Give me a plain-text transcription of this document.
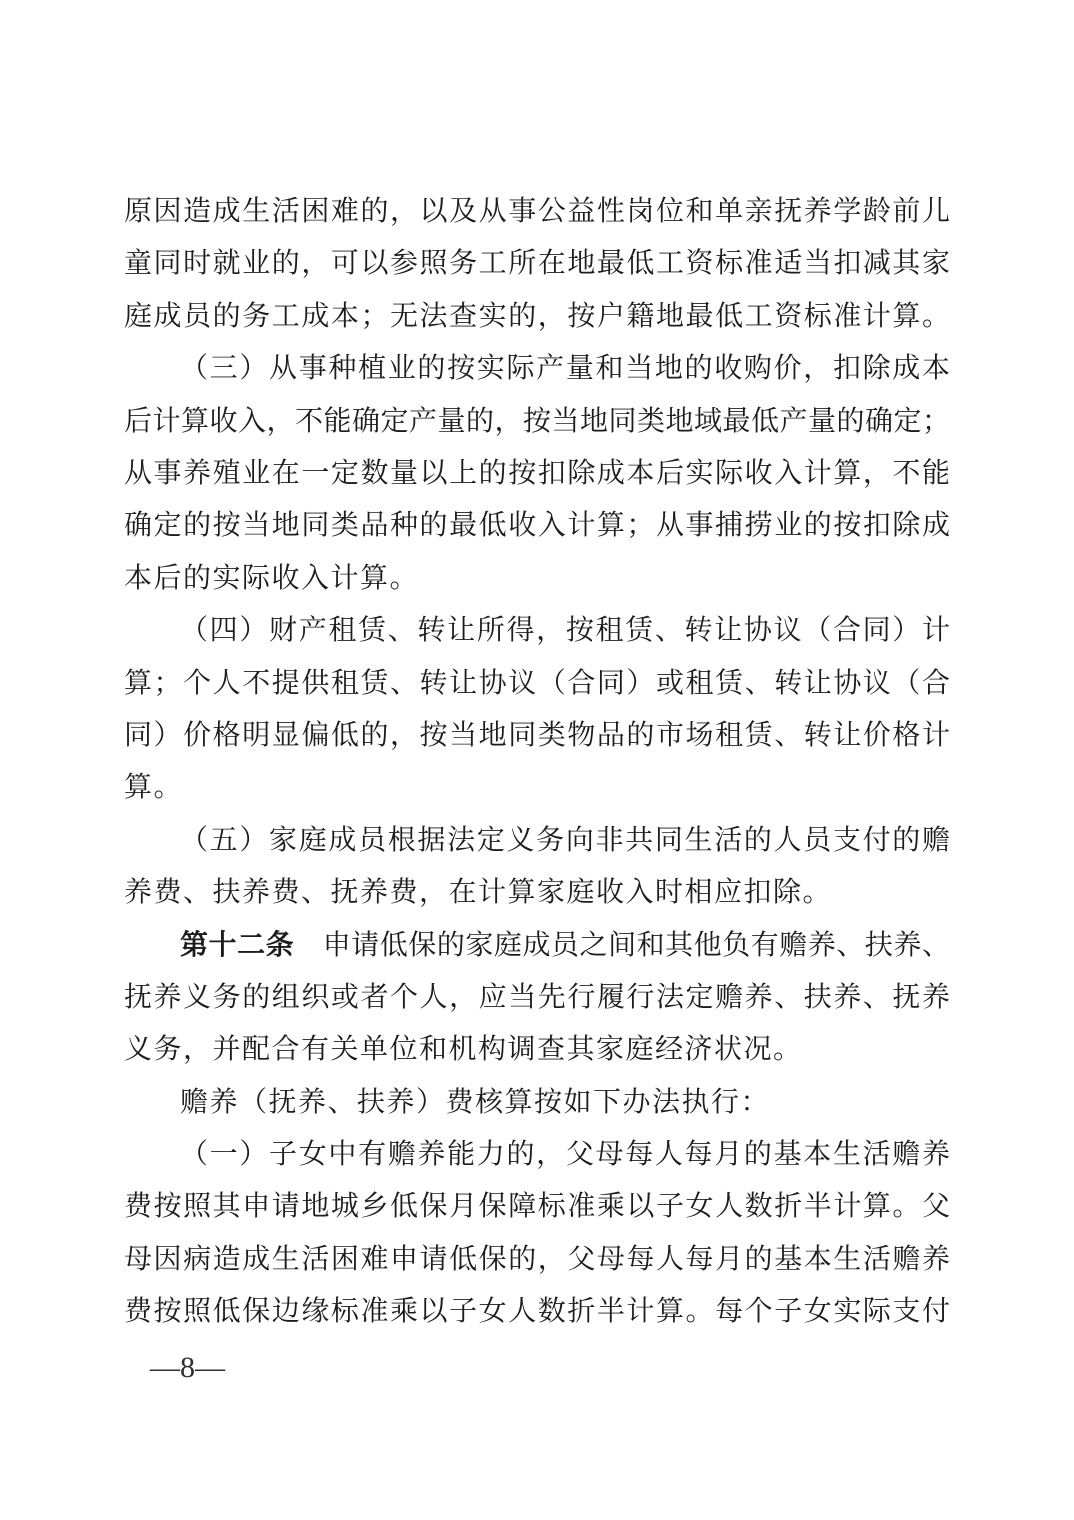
原因造成生活困难的，以及从事公益性岗位和单亲抚养学龄前儿
童同时就业的，可以参照务工所在地最低工资标准适当扣减其家
庭成员的务工成本；无法查实的，按户籍地最低工资标准计算。
（三）从事种植业的按实际产量和当地的收购价，扣除成本
后计算收入，不能确定产量的，按当地同类地域最低产量的确定；
从事养殖业在一定数量以上的按扣除成本后实际收入计算，不能
确定的按当地同类品种的最低收入计算；从事捕捞业的按扣除成
本后的实际收入计算。
（四）财产租赁、转让所得，按租赁、转让协议（合同）计
算；个人不提供租赁、转让协议（合同）或租赁、转让协议（合
同）价格明显偏低的，按当地同类物品的市场租赁、转让价格计
算。
（五）家庭成员根据法定义务向非共同生活的人员支付的赡
养费、扶养费、抚养费，在计算家庭收入时相应扣除。
第十二条　申请低保的家庭成员之间和其他负有赡养、扶养、
抚养义务的组织或者个人，应当先行履行法定赡养、扶养、抚养
义务，并配合有关单位和机构调查其家庭经济状况。
赡养（抚养、扶养）费核算按如下办法执行：
（一）子女中有赡养能力的，父母每人每月的基本生活赡养
费按照其申请地城乡低保月保障标准乘以子女人数折半计算。父
母因病造成生活困难申请低保的，父母每人每月的基本生活赡养
费按照低保边缘标准乘以子女人数折半计算。每个子女实际支付
—8—
